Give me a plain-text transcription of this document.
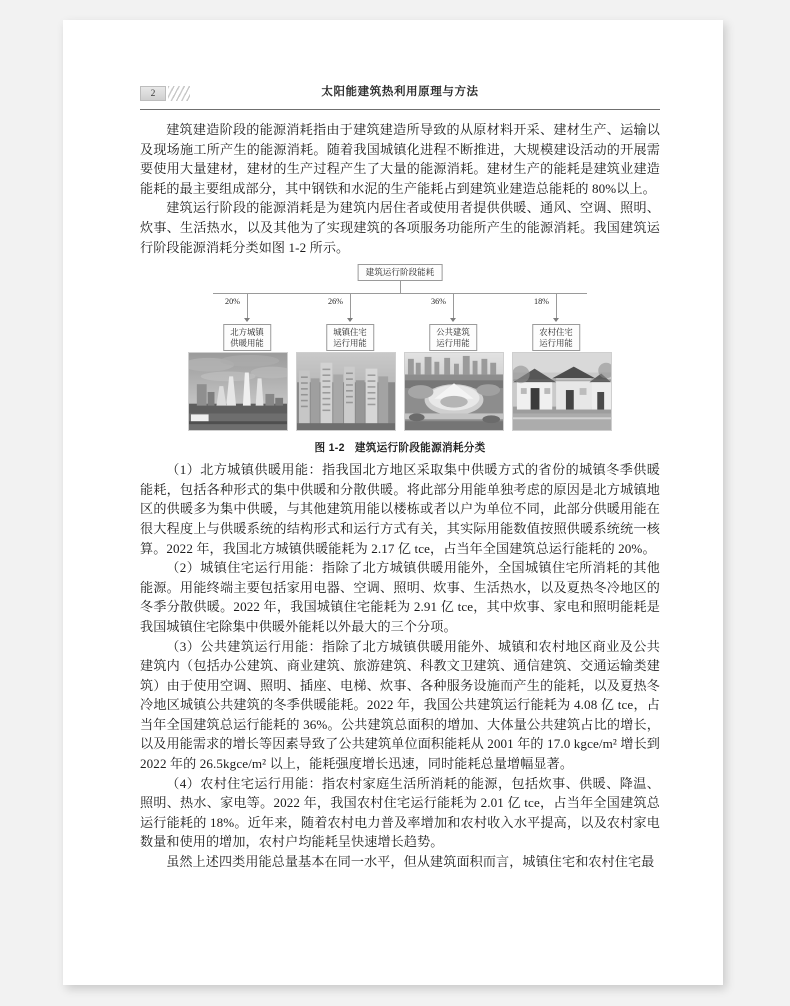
2	太阳能建筑热利用原理与方法

建筑建造阶段的能源消耗指由于建筑建造所导致的从原材料开采、建材生产、运输以及现场施工所产生的能源消耗。随着我国城镇化进程不断推进，大规模建设活动的开展需要使用大量建材，建材的生产过程产生了大量的能源消耗。建材生产的能耗是建筑业建造能耗的最主要组成部分，其中钢铁和水泥的生产能耗占到建筑业建造总能耗的 80%以上。

建筑运行阶段的能源消耗是为建筑内居住者或使用者提供供暖、通风、空调、照明、炊事、生活热水，以及其他为了实现建筑的各项服务功能所产生的能源消耗。我国建筑运行阶段能源消耗分类如图 1-2 所示。

建筑运行阶段能耗
20%
北方城镇
供暖用能
26%
城镇住宅
运行用能
36%
公共建筑
运行用能
18%
农村住宅
运行用能
图 1-2 建筑运行阶段能源消耗分类

（1）北方城镇供暖用能：指我国北方地区采取集中供暖方式的省份的城镇冬季供暖能耗，包括各种形式的集中供暖和分散供暖。将此部分用能单独考虑的原因是北方城镇地区的供暖多为集中供暖，与其他建筑用能以楼栋或者以户为单位不同，此部分供暖用能在很大程度上与供暖系统的结构形式和运行方式有关，其实际用能数值按照供暖系统统一核算。2022 年，我国北方城镇供暖能耗为 2.17 亿 tce，占当年全国建筑总运行能耗的 20%。

（2）城镇住宅运行用能：指除了北方城镇供暖用能外，全国城镇住宅所消耗的其他能源。用能终端主要包括家用电器、空调、照明、炊事、生活热水，以及夏热冬冷地区的冬季分散供暖。2022 年，我国城镇住宅能耗为 2.91 亿 tce，其中炊事、家电和照明能耗是我国城镇住宅除集中供暖外能耗以外最大的三个分项。

（3）公共建筑运行用能：指除了北方城镇供暖用能外、城镇和农村地区商业及公共建筑内（包括办公建筑、商业建筑、旅游建筑、科教文卫建筑、通信建筑、交通运输类建筑）由于使用空调、照明、插座、电梯、炊事、各种服务设施而产生的能耗，以及夏热冬冷地区城镇公共建筑的冬季供暖能耗。2022 年，我国公共建筑运行能耗为 4.08 亿 tce，占当年全国建筑总运行能耗的 36%。公共建筑总面积的增加、大体量公共建筑占比的增长，以及用能需求的增长等因素导致了公共建筑单位面积能耗从 2001 年的 17.0 kgce/m² 增长到 2022 年的 26.5kgce/m² 以上，能耗强度增长迅速，同时能耗总量增幅显著。

（4）农村住宅运行用能：指农村家庭生活所消耗的能源，包括炊事、供暖、降温、照明、热水、家电等。2022 年，我国农村住宅运行能耗为 2.01 亿 tce，占当年全国建筑总运行能耗的 18%。近年来，随着农村电力普及率增加和农村收入水平提高，以及农村家电数量和使用的增加，农村户均能耗呈快速增长趋势。

虽然上述四类用能总量基本在同一水平，但从建筑面积而言，城镇住宅和农村住宅最
